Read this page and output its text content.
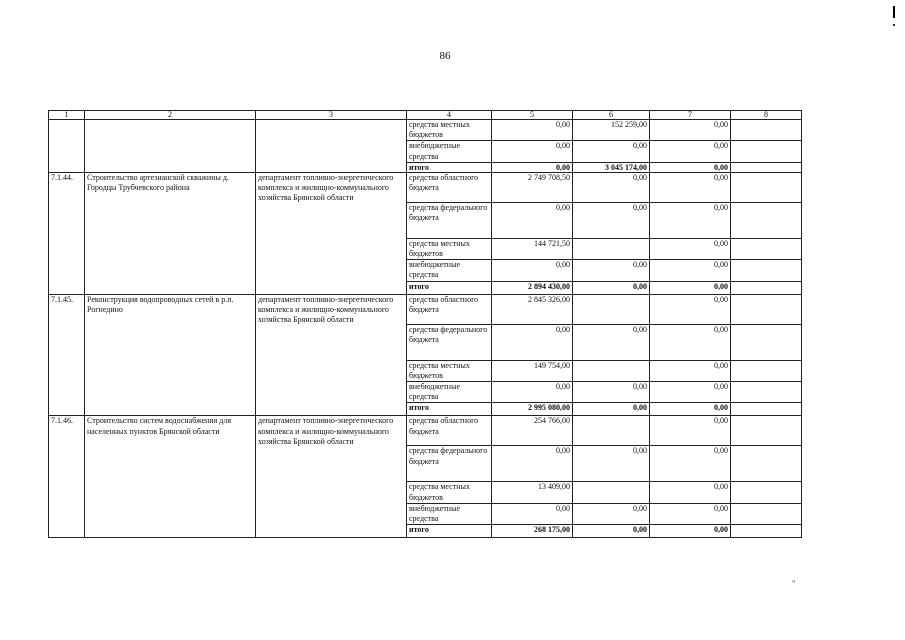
86
1	2	3	4	5	6	7	8
			средства местных бюджетов	0,00	152 259,00	0,00	
			внебюджетные средства	0,00	0,00	0,00	
			итого	0,00	3 045 174,00	0,00	
7.1.44.	Строительство артезианской скважины д. Городцы Трубчевского района	департамент топливно-энергетического комплекса и жилищно-коммунального хозяйства Брянской области	средства областного бюджета	2 749 708,50	0,00	0,00	
			средства федерального бюджета	0,00	0,00	0,00	
			средства местных бюджетов	144 721,50		0,00	
			внебюджетные средства	0,00	0,00	0,00	
			итого	2 894 430,00	0,00	0,00	
7.1.45.	Реконструкция водопроводных сетей в р.п. Рогнедино	департамент топливно-энергетического комплекса и жилищно-коммунального хозяйства Брянской области	средства областного бюджета	2 845 326,00		0,00	
			средства федерального бюджета	0,00	0,00	0,00	
			средства местных бюджетов	149 754,00		0,00	
			внебюджетные средства	0,00	0,00	0,00	
			итого	2 995 080,00	0,00	0,00	
7.1.46.	Строительство систем водоснабжения для населенных пунктов Брянской области	департамент топливно-энергетического комплекса и жилищно-коммунального хозяйства Брянской области	средства областного бюджета	254 766,00		0,00	
			средства федерального бюджета	0,00	0,00	0,00	
			средства местных бюджетов	13 409,00		0,00	
			внебюджетные средства	0,00	0,00	0,00	
			итого	268 175,00	0,00	0,00	
"
